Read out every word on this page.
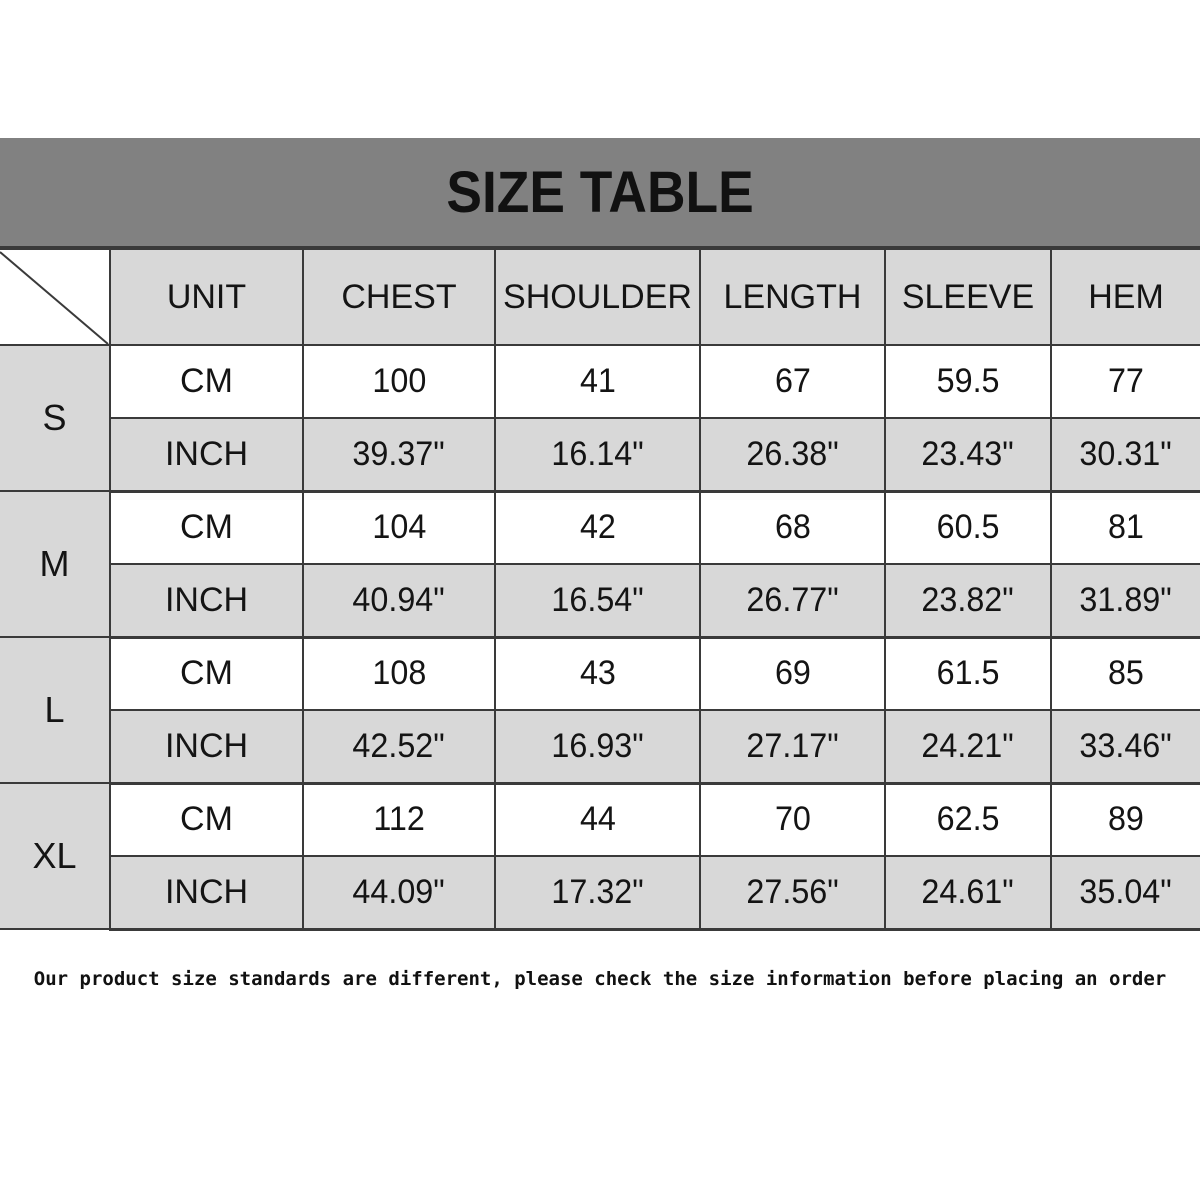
SIZE TABLE
	UNIT	CHEST	SHOULDER	LENGTH	SLEEVE	HEM
S	CM	100	41	67	59.5	77
	INCH	39.37"	16.14"	26.38"	23.43"	30.31"
M	CM	104	42	68	60.5	81
	INCH	40.94"	16.54"	26.77"	23.82"	31.89"
L	CM	108	43	69	61.5	85
	INCH	42.52"	16.93"	27.17"	24.21"	33.46"
XL	CM	112	44	70	62.5	89
	INCH	44.09"	17.32"	27.56"	24.61"	35.04"
Our product size standards are different, please check the size information before placing an order
